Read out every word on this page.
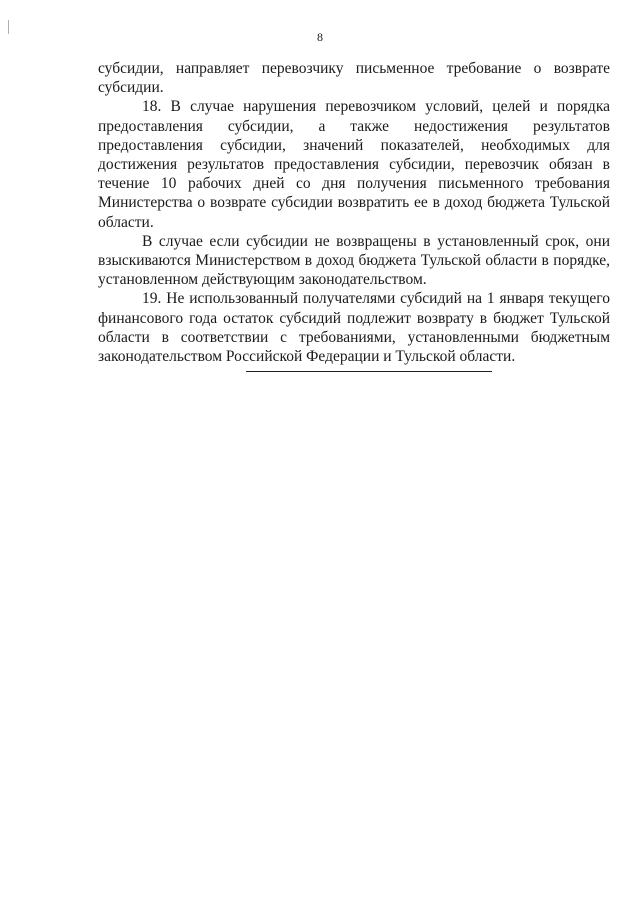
8

субсидии, направляет перевозчику письменное требование о возврате субсидии.

18. В случае нарушения перевозчиком условий, целей и порядка предоставления субсидии, а также недостижения результатов предоставления субсидии, значений показателей, необходимых для достижения результатов предоставления субсидии, перевозчик обязан в течение 10 рабочих дней со дня получения письменного требования Министерства о возврате субсидии возвратить ее в доход бюджета Тульской области.

В случае если субсидии не возвращены в установленный срок, они взыскиваются Министерством в доход бюджета Тульской области в порядке, установленном действующим законодательством.

19. Не использованный получателями субсидий на 1 января текущего финансового года остаток субсидий подлежит возврату в бюджет Тульской области в соответствии с требованиями, установленными бюджетным законодательством Российской Федерации и Тульской области.
